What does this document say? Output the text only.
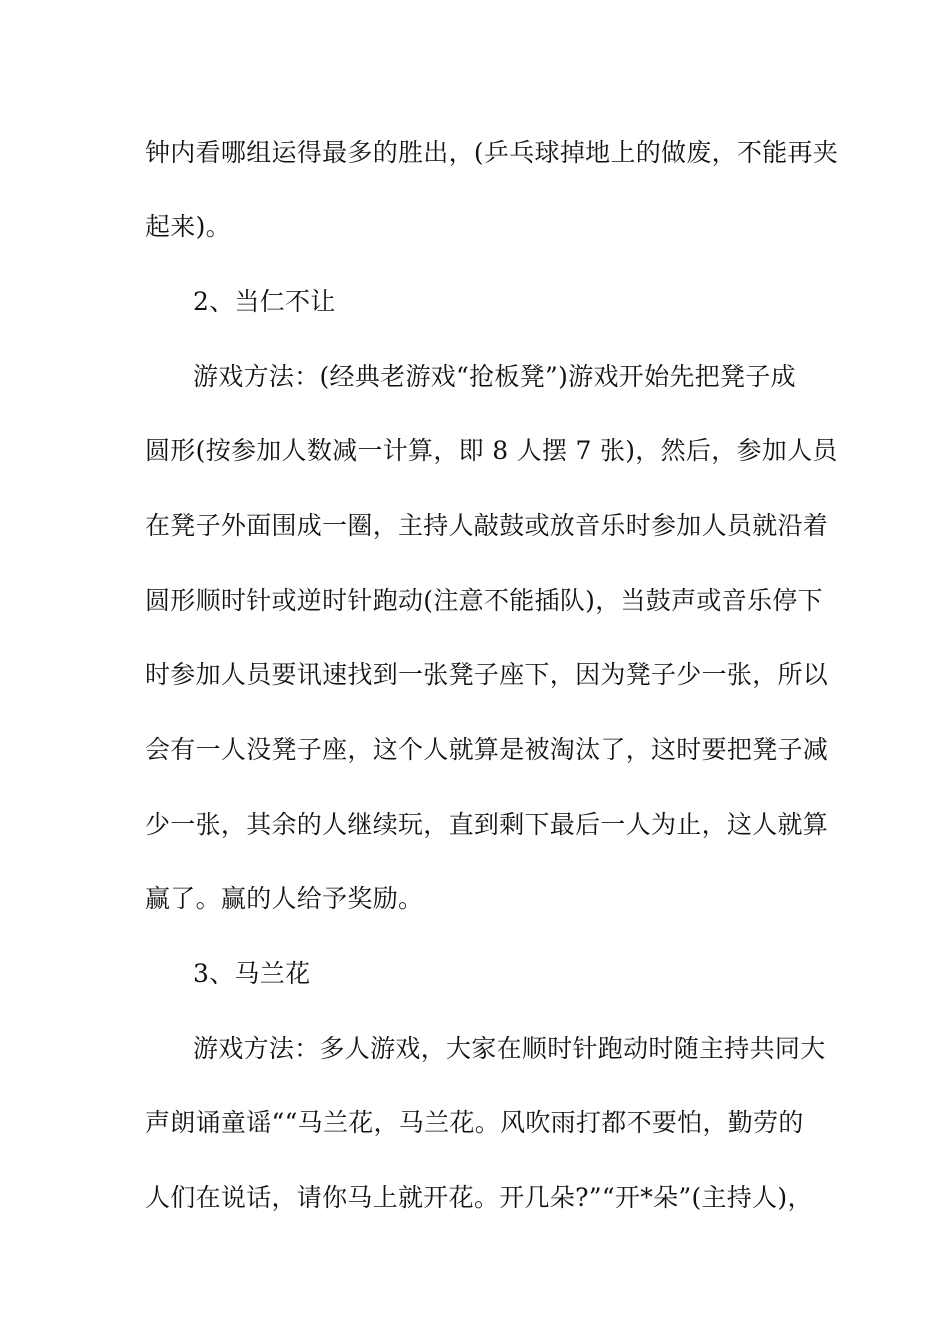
钟内看哪组运得最多的胜出，(乒乓球掉地上的做废，不能再夹
起来)。
2、当仁不让
游戏方法：(经典老游戏“抢板凳”)游戏开始先把凳子成
圆形(按参加人数减一计算，即 8 人摆 7 张)，然后，参加人员
在凳子外面围成一圈，主持人敲鼓或放音乐时参加人员就沿着
圆形顺时针或逆时针跑动(注意不能插队)，当鼓声或音乐停下
时参加人员要讯速找到一张凳子座下，因为凳子少一张，所以
会有一人没凳子座，这个人就算是被淘汰了，这时要把凳子减
少一张，其余的人继续玩，直到剩下最后一人为止，这人就算
赢了。赢的人给予奖励。
3、马兰花
游戏方法：多人游戏，大家在顺时针跑动时随主持共同大
声朗诵童谣““马兰花，马兰花。风吹雨打都不要怕，勤劳的
人们在说话，请你马上就开花。开几朵?”“开*朵”(主持人)，
